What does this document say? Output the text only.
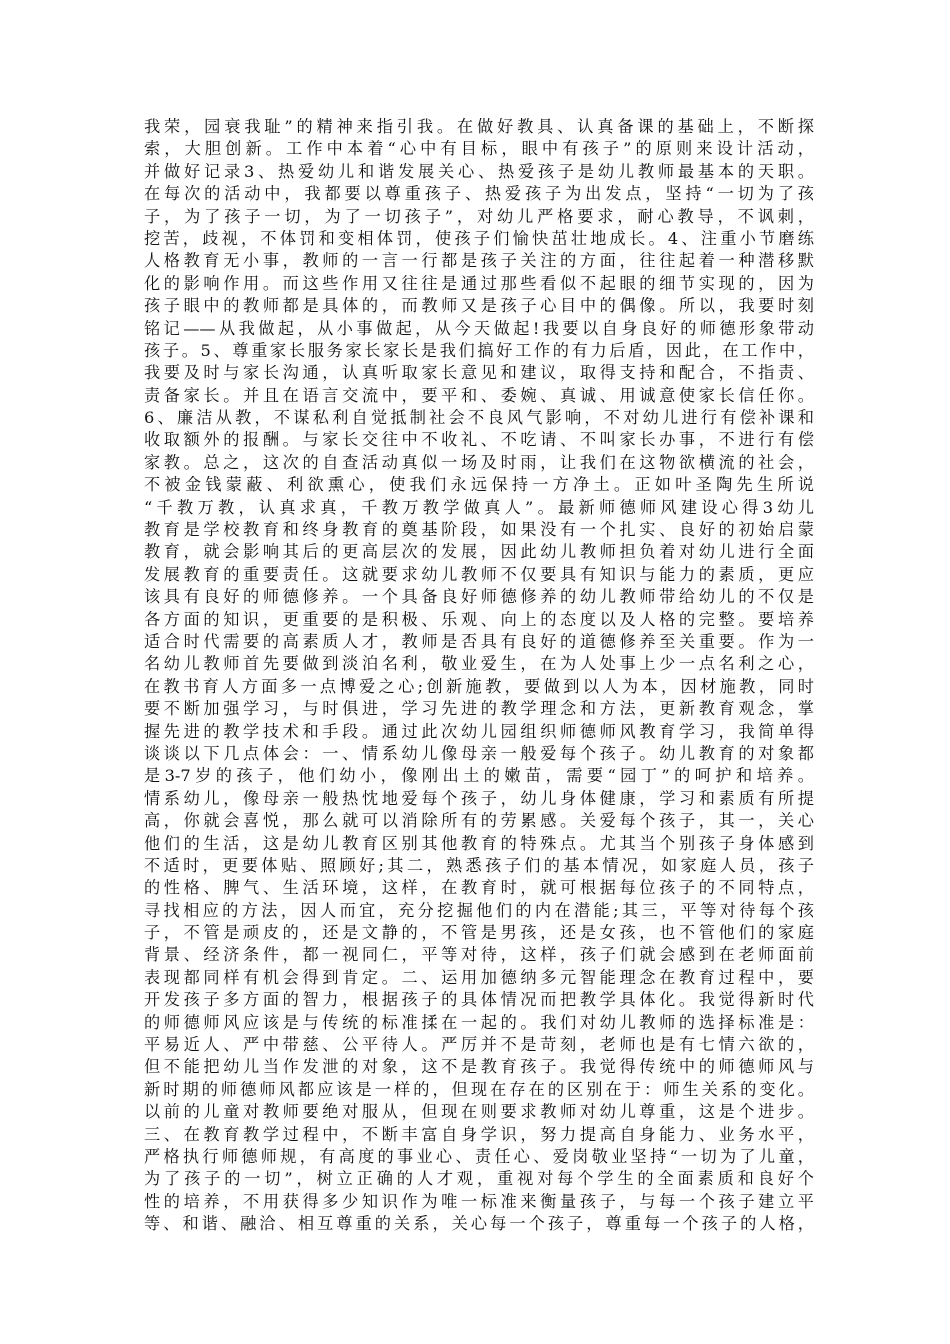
我荣，园衰我耻”的精神来指引我。在做好教具、认真备课的基础上，不断探
索，大胆创新。工作中本着“心中有目标，眼中有孩子”的原则来设计活动，
并做好记录3、热爱幼儿和谐发展关心、热爱孩子是幼儿教师最基本的天职。
在每次的活动中，我都要以尊重孩子、热爱孩子为出发点，坚持“一切为了孩
子，为了孩子一切，为了一切孩子”，对幼儿严格要求，耐心教导，不讽刺，
挖苦，歧视，不体罚和变相体罚，使孩子们愉快茁壮地成长。4、注重小节磨练
人格教育无小事，教师的一言一行都是孩子关注的方面，往往起着一种潜移默
化的影响作用。而这些作用又往往是通过那些看似不起眼的细节实现的，因为
孩子眼中的教师都是具体的，而教师又是孩子心目中的偶像。所以，我要时刻
铭记——从我做起，从小事做起，从今天做起!我要以自身良好的师德形象带动
孩子。5、尊重家长服务家长家长是我们搞好工作的有力后盾，因此，在工作中，
我要及时与家长沟通，认真听取家长意见和建议，取得支持和配合，不指责、
责备家长。并且在语言交流中，要平和、委婉、真诚、用诚意使家长信任你。
6、廉洁从教，不谋私利自觉抵制社会不良风气影响，不对幼儿进行有偿补课和
收取额外的报酬。与家长交往中不收礼、不吃请、不叫家长办事，不进行有偿
家教。总之，这次的自查活动真似一场及时雨，让我们在这物欲横流的社会，
不被金钱蒙蔽、利欲熏心，使我们永远保持一方净土。正如叶圣陶先生所说
“千教万教，认真求真，千教万教学做真人”。最新师德师风建设心得3幼儿
教育是学校教育和终身教育的奠基阶段，如果没有一个扎实、良好的初始启蒙
教育，就会影响其后的更高层次的发展，因此幼儿教师担负着对幼儿进行全面
发展教育的重要责任。这就要求幼儿教师不仅要具有知识与能力的素质，更应
该具有良好的师德修养。一个具备良好师德修养的幼儿教师带给幼儿的不仅是
各方面的知识，更重要的是积极、乐观、向上的态度以及人格的完整。要培养
适合时代需要的高素质人才，教师是否具有良好的道德修养至关重要。作为一
名幼儿教师首先要做到淡泊名利，敬业爱生，在为人处事上少一点名利之心，
在教书育人方面多一点博爱之心;创新施教，要做到以人为本，因材施教，同时
要不断加强学习，与时俱进，学习先进的教学理念和方法，更新教育观念，掌
握先进的教学技术和手段。通过此次幼儿园组织师德师风教育学习，我简单得
谈谈以下几点体会：一、情系幼儿像母亲一般爱每个孩子。幼儿教育的对象都
是3-7岁的孩子，他们幼小，像刚出土的嫩苗，需要“园丁”的呵护和培养。
情系幼儿，像母亲一般热忱地爱每个孩子，幼儿身体健康，学习和素质有所提
高，你就会喜悦，那么就可以消除所有的劳累感。关爱每个孩子，其一，关心
他们的生活，这是幼儿教育区别其他教育的特殊点。尤其当个别孩子身体感到
不适时，更要体贴、照顾好;其二，熟悉孩子们的基本情况，如家庭人员，孩子
的性格、脾气、生活环境，这样，在教育时，就可根据每位孩子的不同特点，
寻找相应的方法，因人而宜，充分挖掘他们的内在潜能;其三，平等对待每个孩
子，不管是顽皮的，还是文静的，不管是男孩，还是女孩，也不管他们的家庭
背景、经济条件，都一视同仁，平等对待，这样，孩子们就会感到在老师面前
表现都同样有机会得到肯定。二、运用加德纳多元智能理念在教育过程中，要
开发孩子多方面的智力，根据孩子的具体情况而把教学具体化。我觉得新时代
的师德师风应该是与传统的标准揉在一起的。我们对幼儿教师的选择标准是：
平易近人、严中带慈、公平待人。严厉并不是苛刻，老师也是有七情六欲的，
但不能把幼儿当作发泄的对象，这不是教育孩子。我觉得传统中的师德师风与
新时期的师德师风都应该是一样的，但现在存在的区别在于：师生关系的变化。
以前的儿童对教师要绝对服从，但现在则要求教师对幼儿尊重，这是个进步。
三、在教育教学过程中，不断丰富自身学识，努力提高自身能力、业务水平，
严格执行师德师规，有高度的事业心、责任心、爱岗敬业坚持“一切为了儿童，
为了孩子的一切”，树立正确的人才观，重视对每个学生的全面素质和良好个
性的培养，不用获得多少知识作为唯一标准来衡量孩子，与每一个孩子建立平
等、和谐、融洽、相互尊重的关系，关心每一个孩子，尊重每一个孩子的人格，
